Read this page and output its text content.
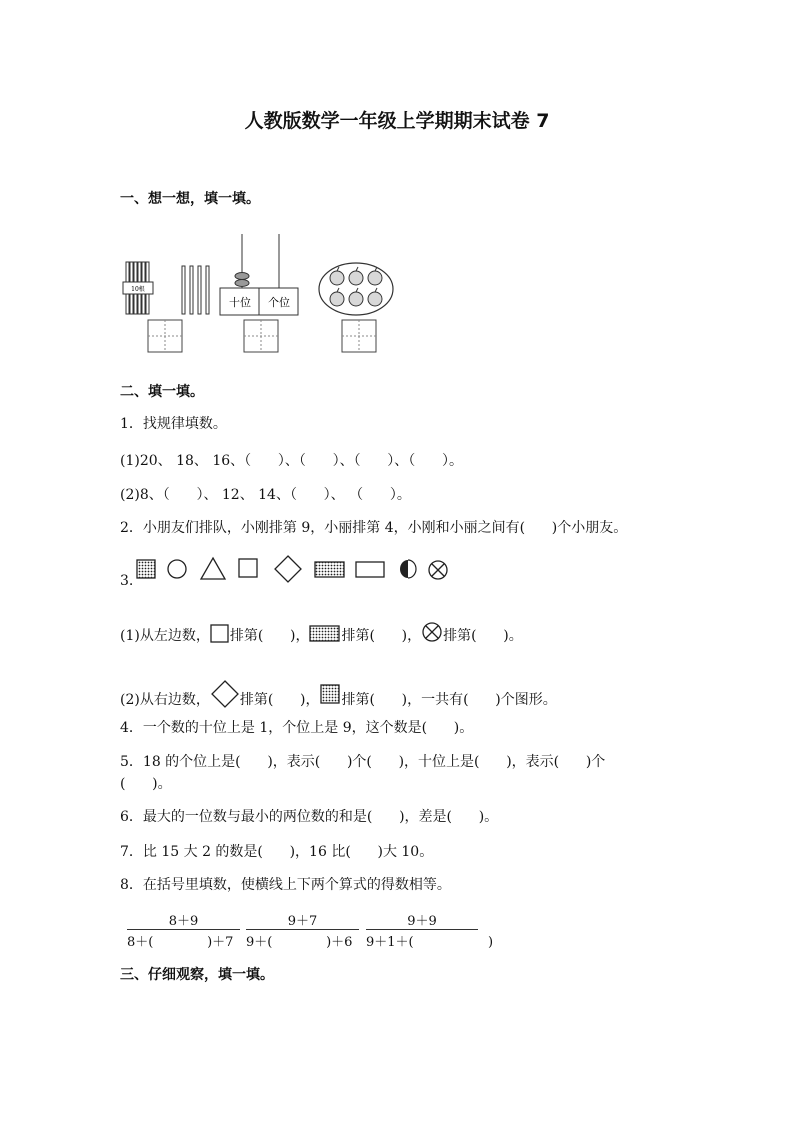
人教版数学一年级上学期期末试卷 7
一、想一想，填一填。
10根
十位 个位
二、填一填。
1．找规律填数。
(1)20、 18、 16、（      ）、（      ）、（      ）、（      ）。
(2)8、（      ）、 12、 14、（      ）、 （      ）。
2．小朋友们排队，小刚排第 9，小丽排第 4，小刚和小丽之间有(      )个小朋友。
3.
(1)从左边数， 排第(      )， 排第(      )， 排第(      )。
(2)从右边数， 排第(      )， 排第(      )，一共有(      )个图形。
4．一个数的十位上是 1，个位上是 9，这个数是(      )。
5．18 的个位上是(      )，表示(      )个(      )，十位上是(      )，表示(      )个
(      )。
6．最大的一位数与最小的两位数的和是(      )，差是(      )。
7．比 15 大 2 的数是(      )，16 比(      )大 10。
8．在括号里填数，使横线上下两个算式的得数相等。
8＋9
8＋(             )＋7
9＋7
9＋(             )＋6
9＋9
9＋1＋(                  )
三、仔细观察，填一填。
